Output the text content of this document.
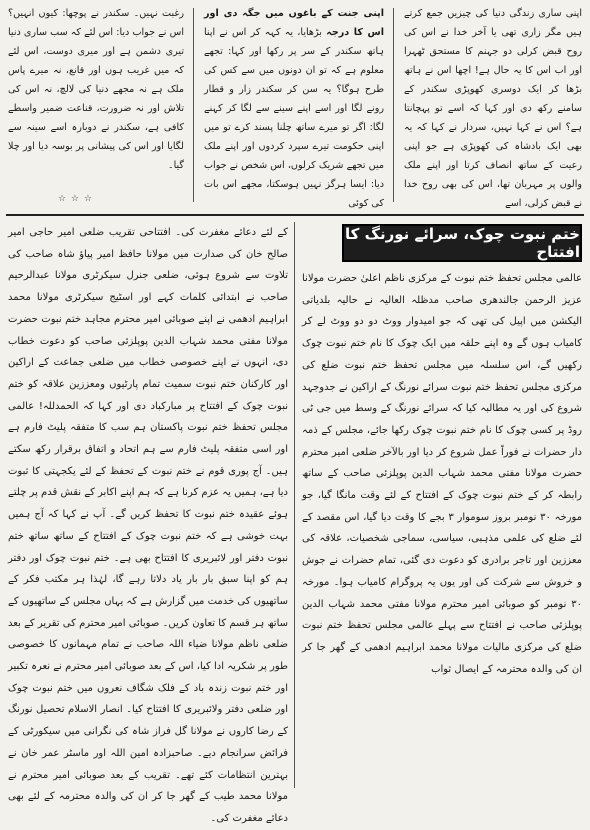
اپنی ساری زندگی دنیا کی چیزیں جمع کرتے ہیں مگر زاری تھی یا آخر خدا نے اس کی روح قبض کرلی دو جہنم کا مستحق ٹھہرا اور اب اس کا یہ حال ہے! اچھا اس نے ہاتھ بڑھا کر ایک دوسری کھوپڑی سکندر کے سامنے رکھ دی اور کہا کہ اسے تو پہچانتا ہے؟ اس نے کہا نہیں، سردار نے کہا کہ یہ بھی ایک بادشاہ کی کھوپڑی ہے جو اپنی رعیت کے ساتھ انصاف کرتا اور اپنے ملک والوں پر مہربان تھا، اس کی بھی روح خدا نے قبض کرلی، اسے

اپنی جنت کے باغوں میں جگہ دی اور اس کا درجہ بڑھایا، یہ کہہ کر اس نے اپنا ہاتھ سکندر کے سر پر رکھا اور کہا: تجھے معلوم ہے کہ تو ان دونوں میں سے کس کی طرح ہوگا؟ یہ سن کر سکندر زار و قطار رونے لگا اور اسے اپنے سینے سے لگا کر کہنے لگا: اگر تو میرے ساتھ چلنا پسند کرے تو میں اپنی حکومت تیرے سپرد کردوں اور اپنے ملک میں تجھے شریک کرلوں، اس شخص نے جواب دیا: ایسا ہرگز نہیں ہوسکتا، مجھے اس بات کی کوئی

رغبت نہیں۔ سکندر نے پوچھا: کیوں انہیں؟ اس نے جواب دیا: اس لئے کہ سب ساری دنیا تیری دشمن ہے اور میری دوست، اس لئے کہ میں غریب ہوں اور قانع، نہ میرے پاس ملک ہے نہ مجھے دنیا کی لالچ، نہ اس کی تلاش اور نہ ضرورت، قناعت ضمیر واسطے کافی ہے، سکندر نے دوبارہ اسے سینہ سے لگایا اور اس کی پیشانی پر بوسہ دیا اور چلا گیا۔

☆ ☆ ☆
ختم نبوت چوک، سرائے نورنگ کا افتتاح

عالمی مجلس تحفظ ختم نبوت کے مرکزی ناظم اعلیٰ حضرت مولانا عزیز الرحمن جالندھری صاحب مدظلہ العالیہ نے حالیہ بلدیاتی الیکشن میں اپیل کی تھی کہ جو امیدوار ووٹ دو دو ووٹ لے کر کامیاب ہوں گے وہ اپنے حلقہ میں ایک چوک کا نام ختم نبوت چوک رکھیں گے، اس سلسلہ میں مجلس تحفظ ختم نبوت ضلع کی مرکزی مجلس تحفظ ختم نبوت سرائے نورنگ کے اراکین نے جدوجہد شروع کی اور یہ مطالبہ کیا کہ سرائے نورنگ کے وسط میں جی ٹی روڈ پر کسی چوک کا نام ختم نبوت چوک رکھا جائے، مجلس کے ذمہ دار حضرات نے فوراً عمل شروع کر دیا اور بالآخر ضلعی امیر محترم حضرت مولانا مفتی محمد شہاب الدین پوپلزئی صاحب کے ساتھ رابطہ کر کے ختم نبوت چوک کے افتتاح کے لئے وقت مانگا گیا، جو مورخہ ۳۰ نومبر بروز سوموار ۳ بجے کا وقت دیا گیا، اس مقصد کے لئے ضلع کی علمی مذہبی، سیاسی، سماجی شخصیات، علاقہ کی معززین اور تاجر برادری کو دعوت دی گئی، تمام حضرات نے جوش و خروش سے شرکت کی اور یوں یہ پروگرام کامیاب ہوا۔ مورخہ ۳۰ نومبر کو صوبائی امیر محترم مولانا مفتی محمد شہاب الدین پوپلزئی صاحب نے افتتاح سے پہلے عالمی مجلس تحفظ ختم نبوت ضلع کی مرکزی مالیات مولانا محمد ابراہیم ادھمی کے گھر جا کر ان کی والدہ محترمہ کے ایصال ثواب

کے لئے دعائے مغفرت کی۔ افتتاحی تقریب ضلعی امیر حاجی امیر صالح خان کی صدارت میں مولانا حافظ امیر پیاؤ شاہ صاحب کی تلاوت سے شروع ہوئی، ضلعی جنرل سیکرٹری مولانا عبدالرحیم صاحب نے ابتدائی کلمات کہے اور اسٹیج سیکرٹری مولانا محمد ابراہیم ادھمی نے اپنے صوبائی امیر محترم مجاہد ختم نبوت حضرت مولانا مفتی محمد شہاب الدین پوپلزئی صاحب کو دعوت خطاب دی، انہوں نے اپنے خصوصی خطاب میں ضلعی جماعت کے اراکین اور کارکنان ختم نبوت سمیت تمام پارٹیوں ومعززین علاقہ کو ختم نبوت چوک کے افتتاح پر مبارکباد دی اور کہا کہ الحمدللہ! عالمی مجلس تحفظ ختم نبوت پاکستان ہم سب کا متفقہ پلیٹ فارم ہے اور اسی متفقہ پلیٹ فارم سے ہم اتحاد و اتفاق برقرار رکھ سکتے ہیں۔ آج پوری قوم نے ختم نبوت کے تحفظ کے لئے یکجہتی کا ثبوت دیا ہے، ہمیں یہ عزم کرنا ہے کہ ہم اپنے اکابر کے نقش قدم پر چلتے ہوئے عقیدہ ختم نبوت کا تحفظ کریں گے۔ آپ نے کہا کہ آج ہمیں بہت خوشی ہے کہ ختم نبوت چوک کے افتتاح کے ساتھ ساتھ ختم نبوت دفتر اور لائبریری کا افتتاح بھی ہے۔ ختم نبوت چوک اور دفتر ہم کو اپنا سبق بار بار یاد دلاتا رہے گا، لہٰذا ہر مکتب فکر کے ساتھیوں کی خدمت میں گزارش ہے کہ یہاں مجلس کے ساتھیوں کے ساتھ ہر قسم کا تعاون کریں۔ صوبائی امیر محترم کی تقریر کے بعد ضلعی ناظم مولانا ضیاء اللہ صاحب نے تمام مہمانوں کا خصوصی طور پر شکریہ ادا کیا، اس کے بعد صوبائی امیر محترم نے نعرہ تکبیر اور ختم نبوت زندہ باد کے فلک شگاف نعروں میں ختم نبوت چوک اور ضلعی دفتر ولائبریری کا افتتاح کیا۔ انصار الاسلام تحصیل نورنگ کے رضا کاروں نے مولانا گل فراز شاہ کی نگرانی میں سیکورٹی کے فرائض سرانجام دیے۔ صاحبزادہ امین اللہ اور ماسٹر عمر خان نے بہترین انتظامات کئے تھے۔ تقریب کے بعد صوبائی امیر محترم نے مولانا محمد طیب کے گھر جا کر ان کی والدہ محترمہ کے لئے بھی دعائے مغفرت کی۔
